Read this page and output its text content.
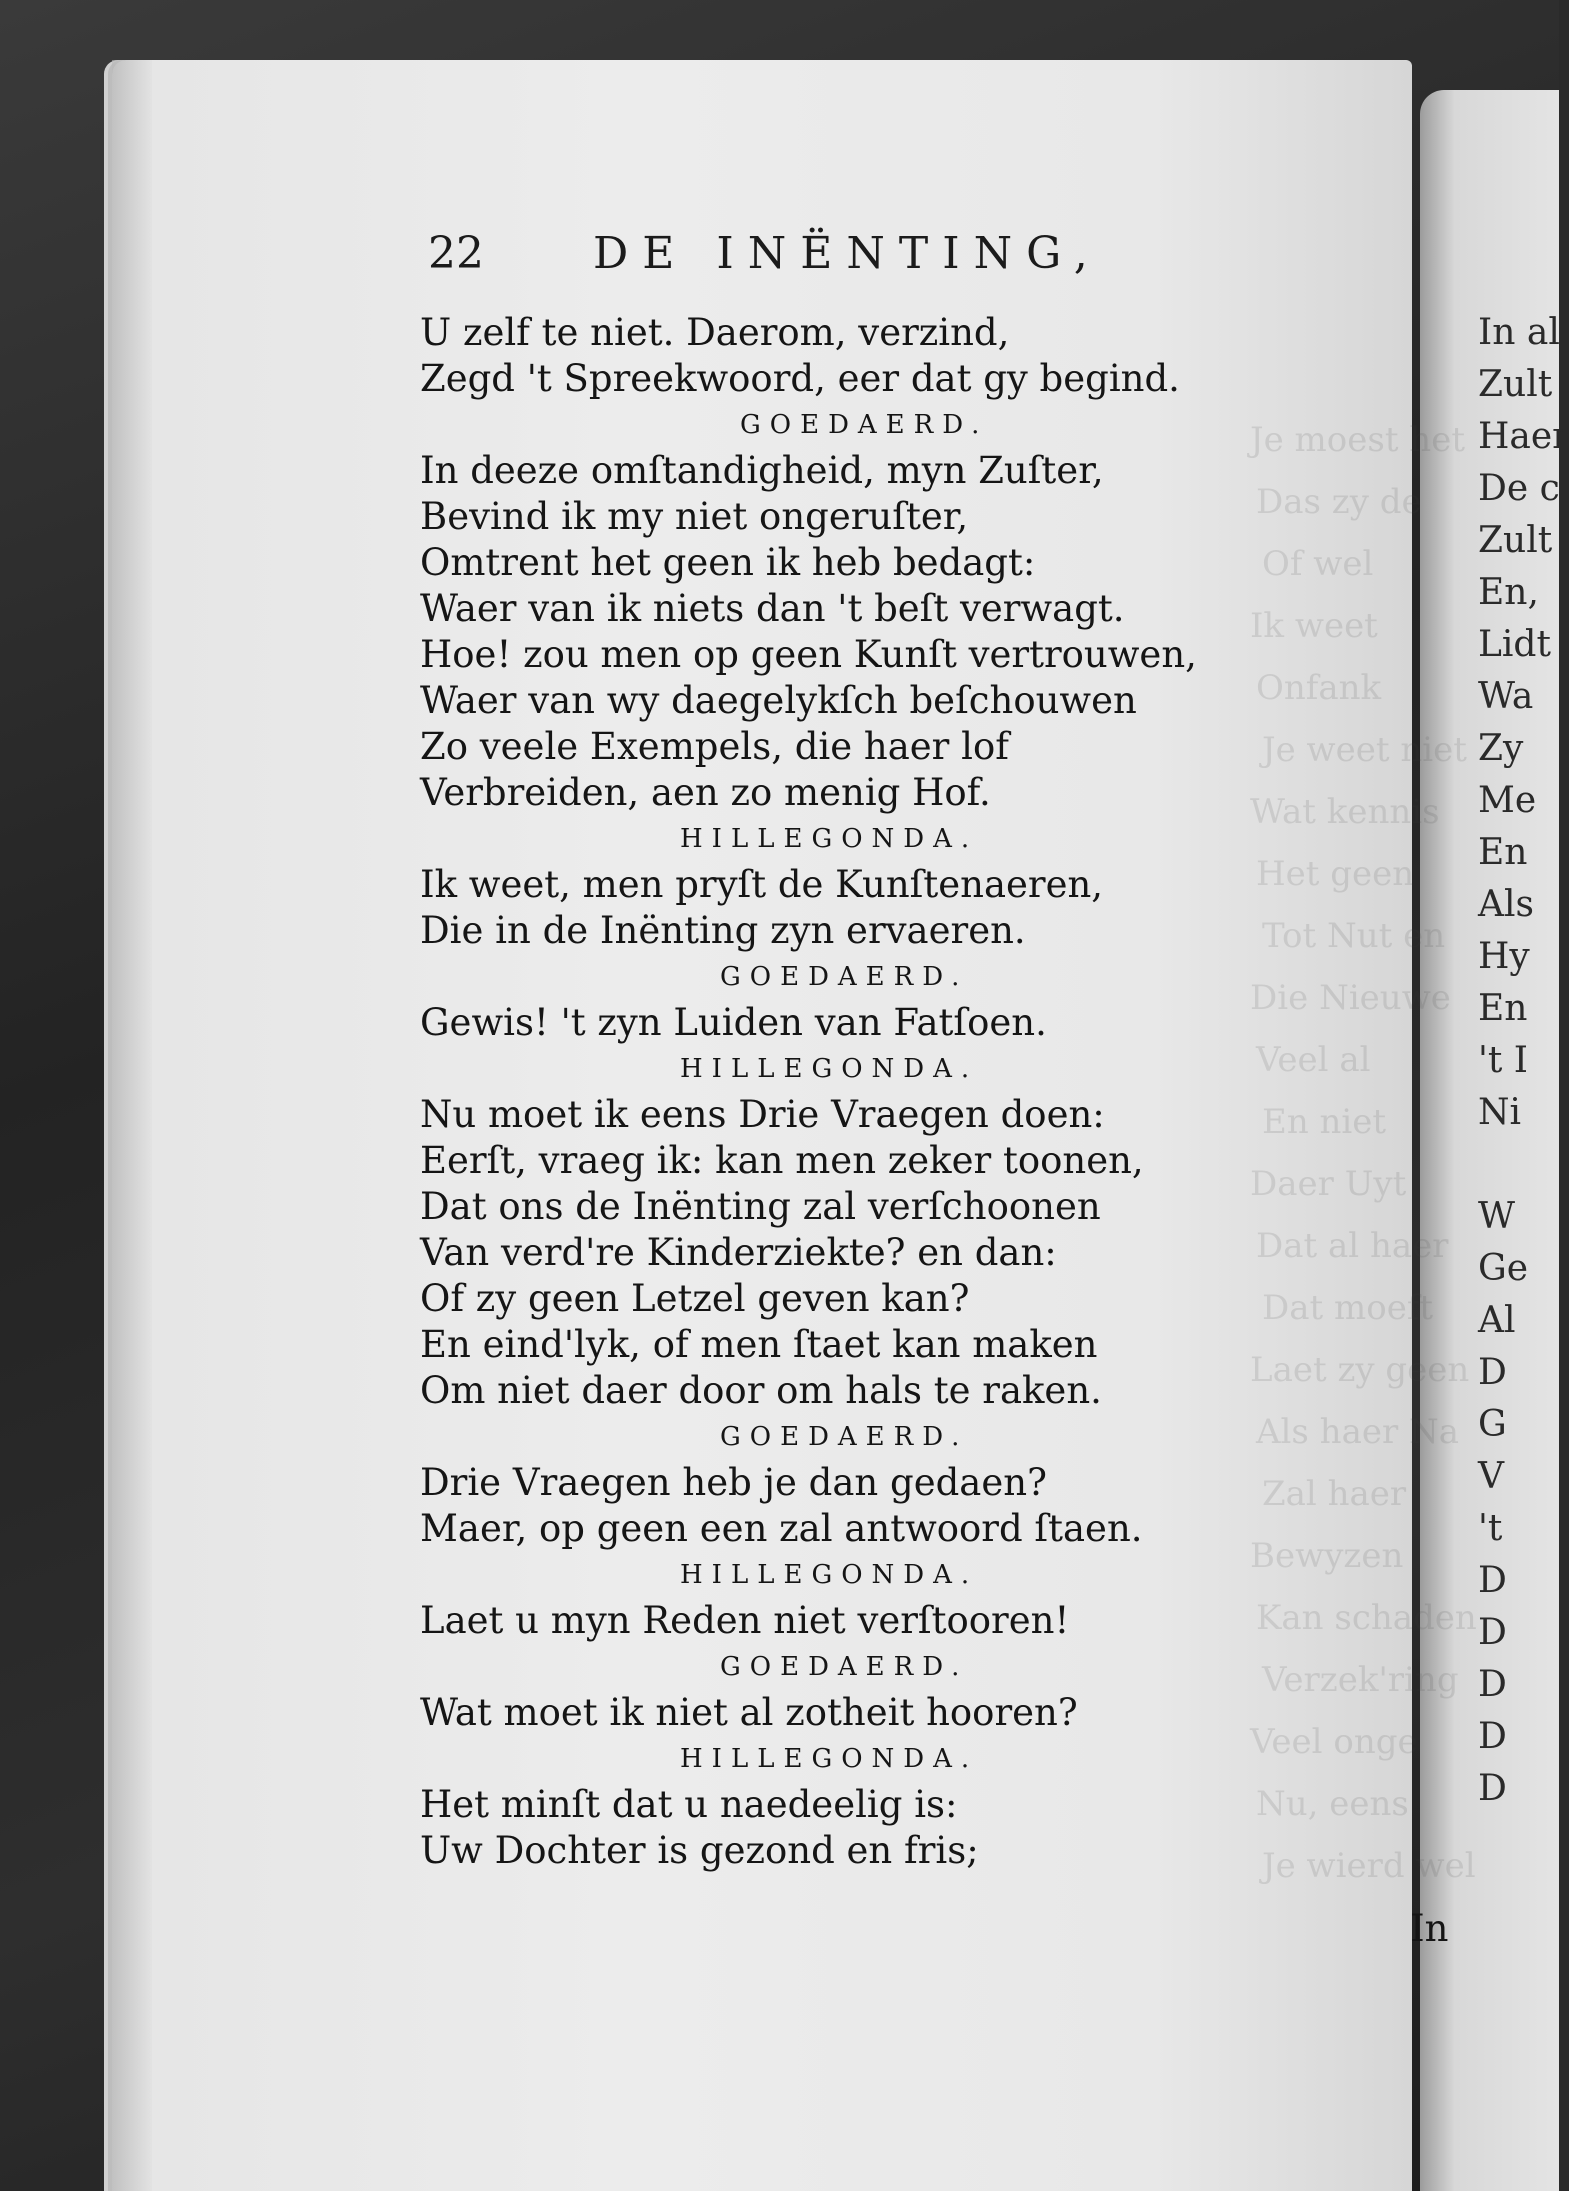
In al
Zult
Haer
De c
Zult
En,
Lidt
Wa
Zy
Me
En
Als
Hy
En
't I
Ni
W
Ge
Al
D
G
V
't
D
D
D
D
D
Je moest het
Das zy de
Of wel
Ik weet
Onfank
Je weet niet
Wat kennis
Het geen
Tot Nut en
Die Nieuwe
Veel al
En niet
Daer Uyt
Dat al haer
Dat moeft
Laet zy geen
Als haer Na
Zal haer
Bewyzen
Kan schaden
Verzek'ring
Veel onge
Nu, eens
Je wierd wel
22 DE INËNTING,
U zelf te niet. Daerom, verzind,
Zegd 't Spreekwoord, eer dat gy begind.
GOEDAERD.
In deeze omſtandigheid, myn Zuſter,
Bevind ik my niet ongeruſter,
Omtrent het geen ik heb bedagt:
Waer van ik niets dan 't beſt verwagt.
Hoe! zou men op geen Kunſt vertrouwen,
Waer van wy daegelykſch beſchouwen
Zo veele Exempels, die haer lof
Verbreiden, aen zo menig Hof.
HILLEGONDA.
Ik weet, men pryſt de Kunſtenaeren,
Die in de Inënting zyn ervaeren.
GOEDAERD.
Gewis! 't zyn Luiden van Fatſoen.
HILLEGONDA.
Nu moet ik eens Drie Vraegen doen:
Eerſt, vraeg ik: kan men zeker toonen,
Dat ons de Inënting zal verſchoonen
Van verd're Kinderziekte? en dan:
Of zy geen Letzel geven kan?
En eind'lyk, of men ſtaet kan maken
Om niet daer door om hals te raken.
GOEDAERD.
Drie Vraegen heb je dan gedaen?
Maer, op geen een zal antwoord ſtaen.
HILLEGONDA.
Laet u myn Reden niet verſtooren!
GOEDAERD.
Wat moet ik niet al zotheit hooren?
HILLEGONDA.
Het minſt dat u naedeelig is:
Uw Dochter is gezond en fris;
In
